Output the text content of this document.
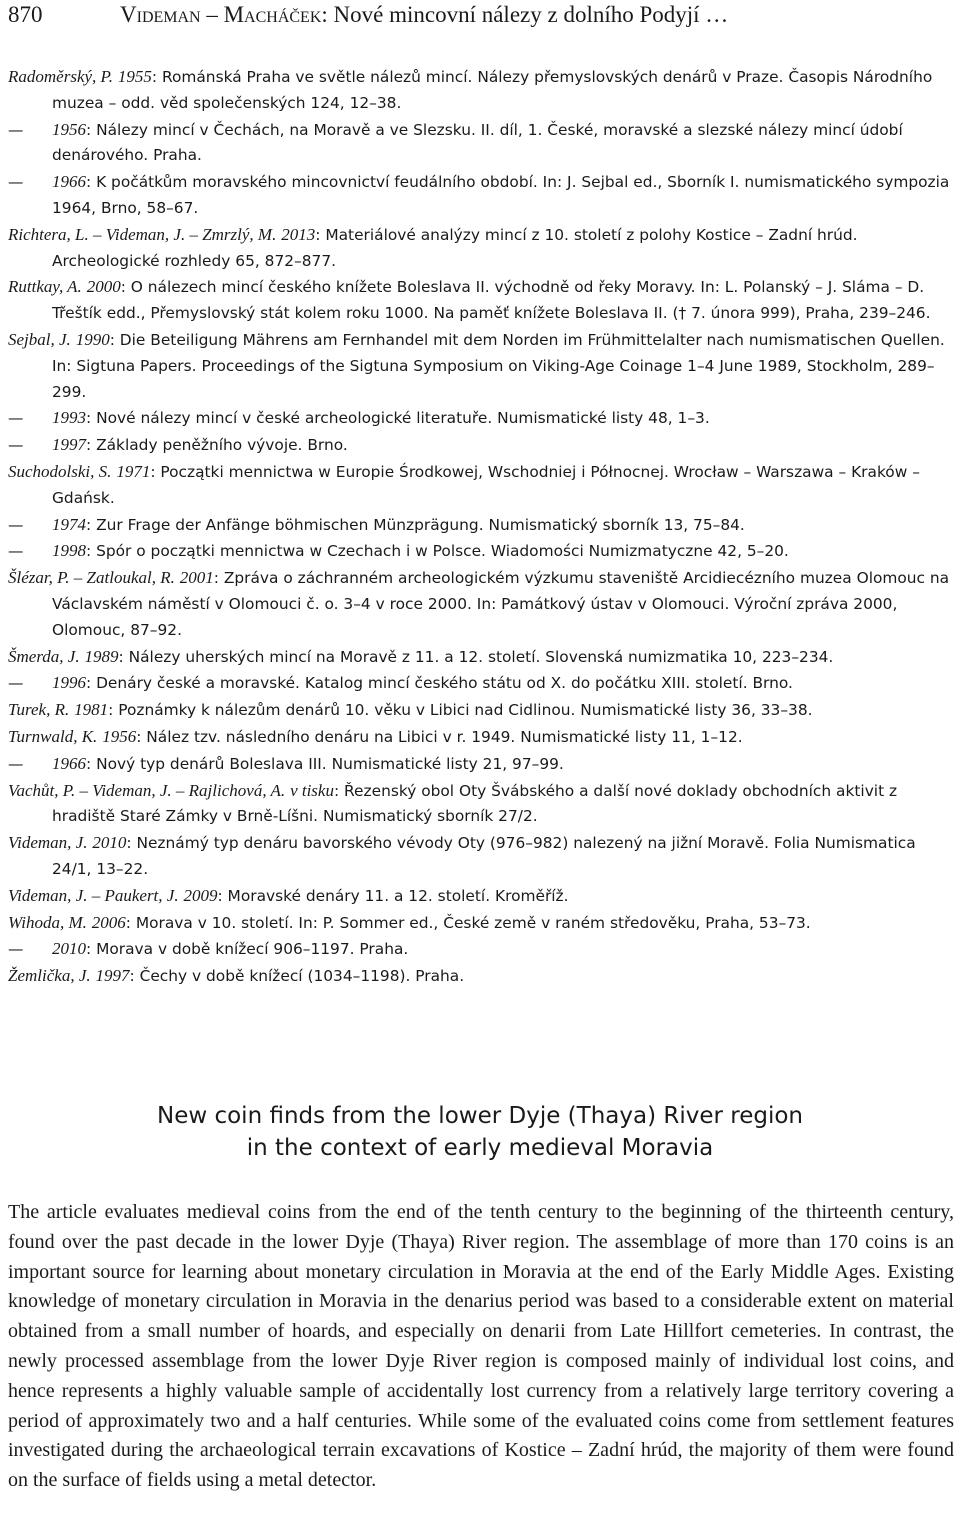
870	Videman – Macháček: Nové mincovní nálezy z dolního Podyjí …

Radoměrský, P. 1955: Románská Praha ve světle nálezů mincí. Nálezy přemyslovských denárů v Praze. Časopis Národního muzea – odd. věd společenských 124, 12–38.

— 1956: Nálezy mincí v Čechách, na Moravě a ve Slezsku. II. díl, 1. České, moravské a slezské nálezy mincí údobí denárového. Praha.

— 1966: K počátkům moravského mincovnictví feudálního období. In: J. Sejbal ed., Sborník I. numismatického sympozia 1964, Brno, 58–67.

Richtera, L. – Videman, J. – Zmrzlý, M. 2013: Materiálové analýzy mincí z 10. století z polohy Kostice – Zadní hrúd. Archeologické rozhledy 65, 872–877.

Ruttkay, A. 2000: O nálezech mincí českého knížete Boleslava II. východně od řeky Moravy. In: L. Polanský – J. Sláma – D. Třeštík edd., Přemyslovský stát kolem roku 1000. Na paměť knížete Boleslava II. († 7. února 999), Praha, 239–246.

Sejbal, J. 1990: Die Beteiligung Mährens am Fernhandel mit dem Norden im Frühmittelalter nach numismatischen Quellen. In: Sigtuna Papers. Proceedings of the Sigtuna Symposium on Viking-Age Coinage 1–4 June 1989, Stockholm, 289–299.

— 1993: Nové nálezy mincí v české archeologické literatuře. Numismatické listy 48, 1–3.

— 1997: Základy peněžního vývoje. Brno.

Suchodolski, S. 1971: Początki mennictwa w Europie Środkowej, Wschodniej i Północnej. Wrocław – Warszawa – Kraków – Gdańsk.

— 1974: Zur Frage der Anfänge böhmischen Münzprägung. Numismatický sborník 13, 75–84.

— 1998: Spór o początki mennictwa w Czechach i w Polsce. Wiadomości Numizmatyczne 42, 5–20.

Šlézar, P. – Zatloukal, R. 2001: Zpráva o záchranném archeologickém výzkumu staveniště Arcidiecézního muzea Olomouc na Václavském náměstí v Olomouci č. o. 3–4 v roce 2000. In: Památkový ústav v Olomouci. Výroční zpráva 2000, Olomouc, 87–92.

Šmerda, J. 1989: Nálezy uherských mincí na Moravě z 11. a 12. století. Slovenská numizmatika 10, 223–234.

— 1996: Denáry české a moravské. Katalog mincí českého státu od X. do počátku XIII. století. Brno.

Turek, R. 1981: Poznámky k nálezům denárů 10. věku v Libici nad Cidlinou. Numismatické listy 36, 33–38.

Turnwald, K. 1956: Nález tzv. následního denáru na Libici v r. 1949. Numismatické listy 11, 1–12.

— 1966: Nový typ denárů Boleslava III. Numismatické listy 21, 97–99.

Vachůt, P. – Videman, J. – Rajlichová, A. v tisku: Řezenský obol Oty Švábského a další nové doklady obchodních aktivit z hradiště Staré Zámky v Brně-Líšni. Numismatický sborník 27/2.

Videman, J. 2010: Neznámý typ denáru bavorského vévody Oty (976–982) nalezený na jižní Moravě. Folia Numismatica 24/1, 13–22.

Videman, J. – Paukert, J. 2009: Moravské denáry 11. a 12. století. Kroměříž.

Wihoda, M. 2006: Morava v 10. století. In: P. Sommer ed., České země v raném středověku, Praha, 53–73.

— 2010: Morava v době knížecí 906–1197. Praha.

Žemlička, J. 1997: Čechy v době knížecí (1034–1198). Praha.

New coin finds from the lower Dyje (Thaya) River region
in the context of early medieval Moravia

The article evaluates medieval coins from the end of the tenth century to the beginning of the thirteenth century, found over the past decade in the lower Dyje (Thaya) River region. The assemblage of more than 170 coins is an important source for learning about monetary circulation in Moravia at the end of the Early Middle Ages. Existing knowledge of monetary circulation in Moravia in the denarius period was based to a considerable extent on material obtained from a small number of hoards, and especially on denarii from Late Hillfort cemeteries. In contrast, the newly processed assemblage from the lower Dyje River region is composed mainly of individual lost coins, and hence represents a highly valuable sample of accidentally lost currency from a relatively large territory covering a period of approximately two and a half centuries. While some of the evaluated coins come from settlement features investigated during the archaeological terrain excavations of Kostice – Zadní hrúd, the majority of them were found on the surface of fields using a metal detector.
